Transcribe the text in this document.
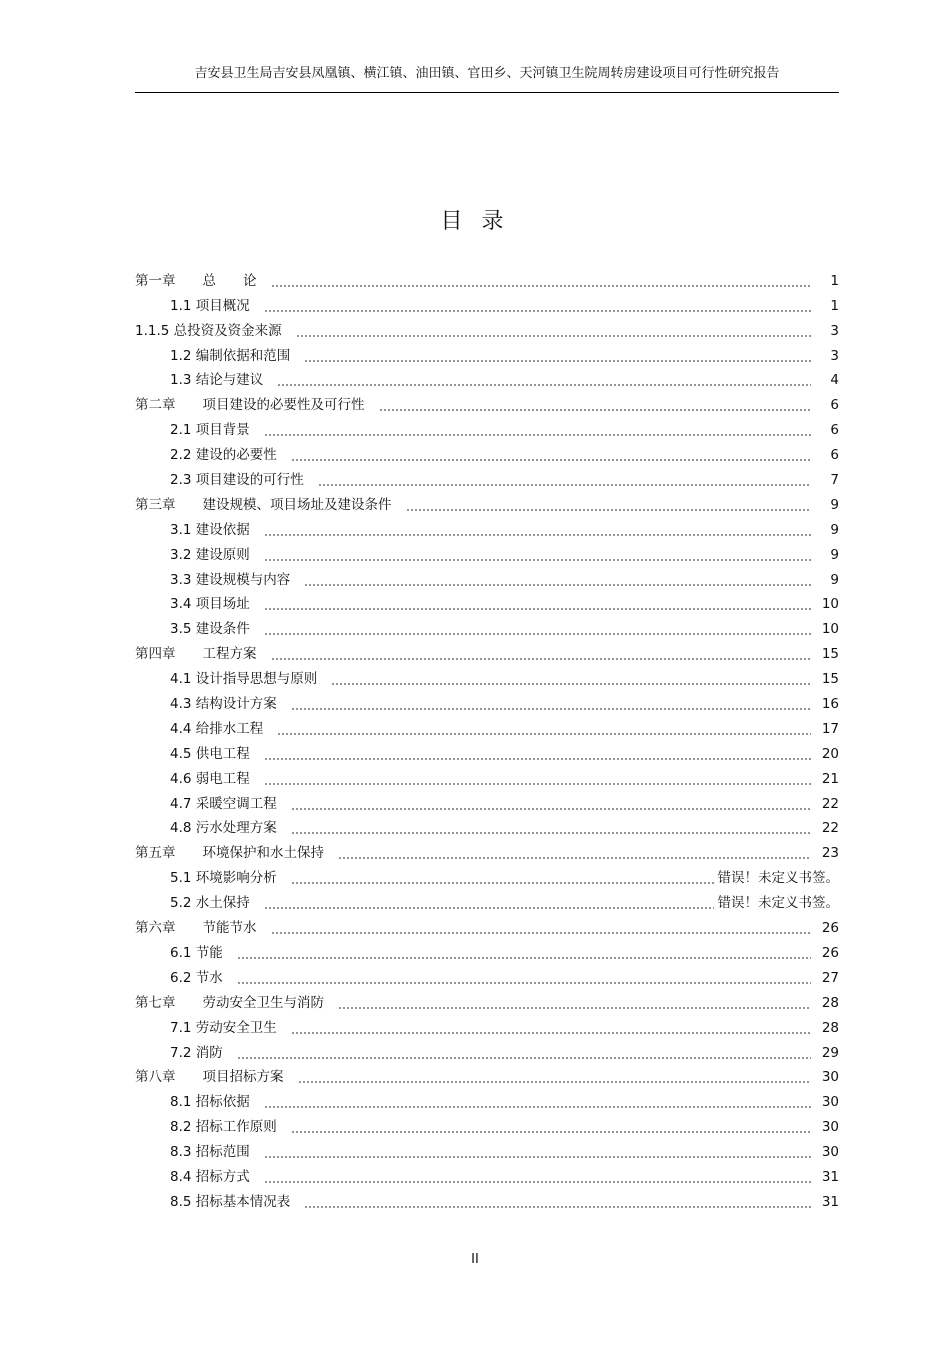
吉安县卫生局吉安县凤凰镇、横江镇、油田镇、官田乡、天河镇卫生院周转房建设项目可行性研究报告
目 录
第一章　　总　　论	1
1.1 项目概况	1
1.1.5 总投资及资金来源	3
1.2 编制依据和范围	3
1.3 结论与建议	4
第二章　　项目建设的必要性及可行性	6
2.1 项目背景	6
2.2 建设的必要性	6
2.3 项目建设的可行性	7
第三章　　建设规模、项目场址及建设条件	9
3.1 建设依据	9
3.2 建设原则	9
3.3 建设规模与内容	9
3.4 项目场址	10
3.5 建设条件	10
第四章　　工程方案	15
4.1 设计指导思想与原则	15
4.3 结构设计方案	16
4.4 给排水工程	17
4.5 供电工程	20
4.6 弱电工程	21
4.7 采暖空调工程	22
4.8 污水处理方案	22
第五章　　环境保护和水土保持	23
5.1 环境影响分析	错误！未定义书签。
5.2 水土保持	错误！未定义书签。
第六章　　节能节水	26
6.1 节能	26
6.2 节水	27
第七章　　劳动安全卫生与消防	28
7.1 劳动安全卫生	28
7.2 消防	29
第八章　　项目招标方案	30
8.1 招标依据	30
8.2 招标工作原则	30
8.3 招标范围	30
8.4 招标方式	31
8.5 招标基本情况表	31
II
